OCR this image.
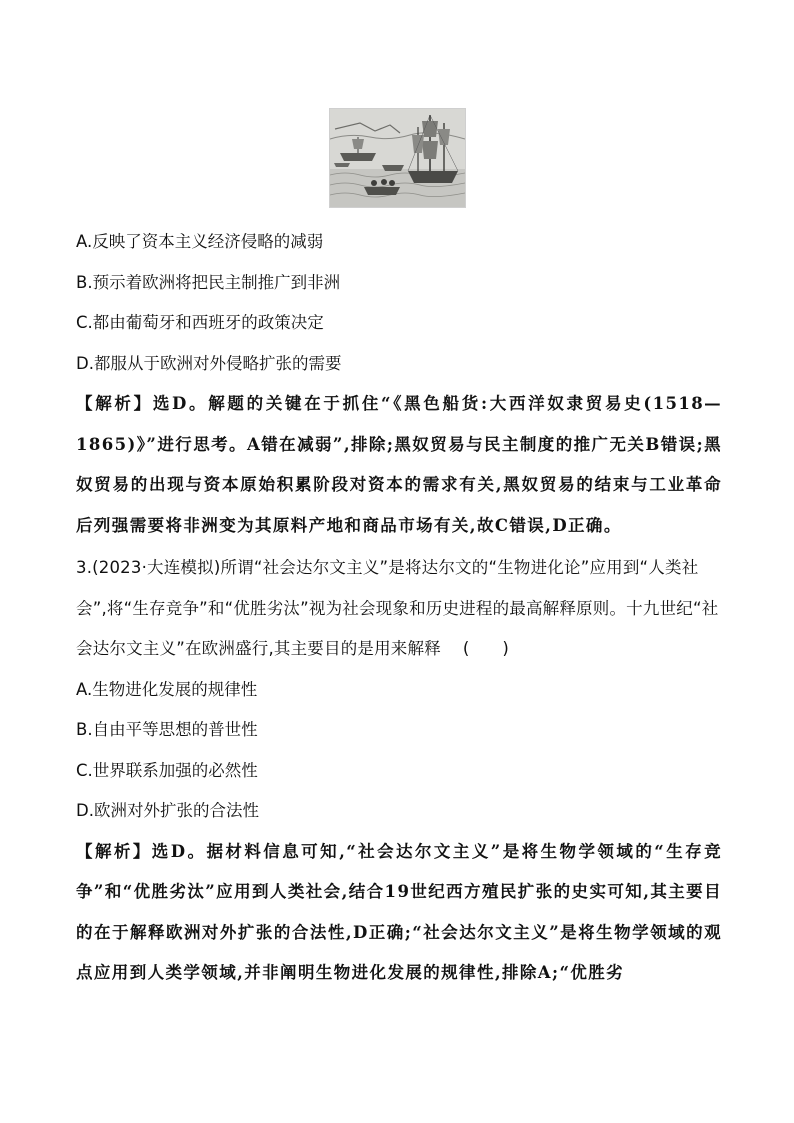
A.反映了资本主义经济侵略的减弱

B.预示着欧洲将把民主制推广到非洲

C.都由葡萄牙和西班牙的政策决定

D.都服从于欧洲对外侵略扩张的需要

【解析】选D。解题的关键在于抓住“《黑色船货:大西洋奴隶贸易史(1518—1865)》”进行思考。A错在减弱”,排除;黑奴贸易与民主制度的推广无关B错误;黑奴贸易的出现与资本原始积累阶段对资本的需求有关,黑奴贸易的结束与工业革命后列强需要将非洲变为其原料产地和商品市场有关,故C错误,D正确。

3.(2023·大连模拟)所谓“社会达尔文主义”是将达尔文的“生物进化论”应用到“人类社会”,将“生存竞争”和“优胜劣汰”视为社会现象和历史进程的最高解释原则。十九世纪“社会达尔文主义”在欧洲盛行,其主要目的是用来解释 (　　)

A.生物进化发展的规律性

B.自由平等思想的普世性

C.世界联系加强的必然性

D.欧洲对外扩张的合法性

【解析】选D。据材料信息可知,“社会达尔文主义”是将生物学领域的“生存竞争”和“优胜劣汰”应用到人类社会,结合19世纪西方殖民扩张的史实可知,其主要目的在于解释欧洲对外扩张的合法性,D正确;“社会达尔文主义”是将生物学领域的观点应用到人类学领域,并非阐明生物进化发展的规律性,排除A;“优胜劣
